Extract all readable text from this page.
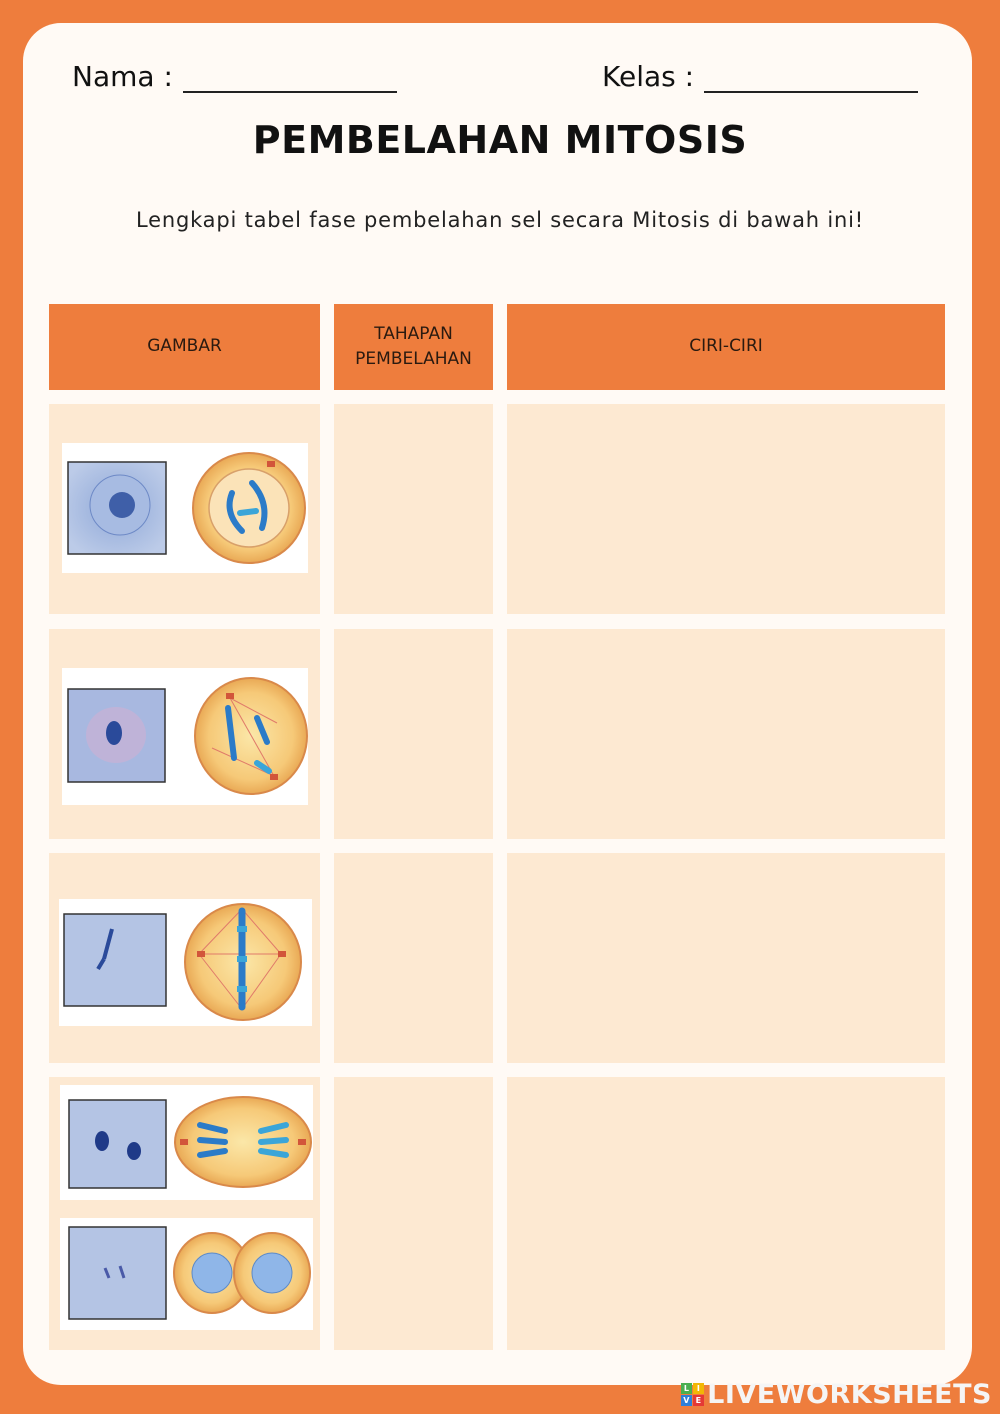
Nama :	Kelas :
PEMBELAHAN MITOSIS
Lengkapi tabel fase pembelahan sel secara Mitosis di bawah ini!
GAMBAR
TAHAPAN PEMBELAHAN
CIRI-CIRI
L I
V E LIVEWORKSHEETS
